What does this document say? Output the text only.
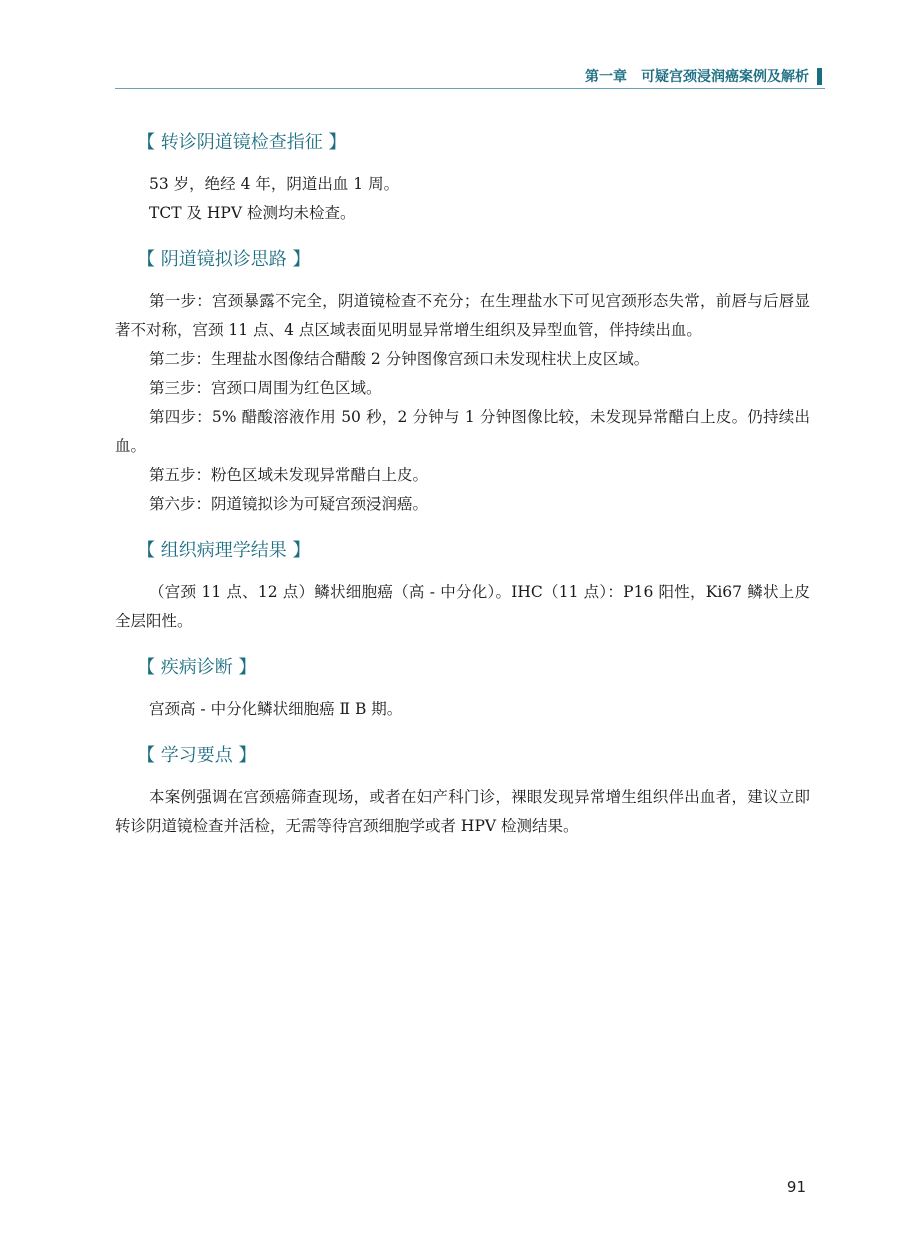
第一章　可疑宫颈浸润癌案例及解析
【 转诊阴道镜检查指征 】

53 岁，绝经 4 年，阴道出血 1 周。

TCT 及 HPV 检测均未检查。

【 阴道镜拟诊思路 】

第一步：宫颈暴露不完全，阴道镜检查不充分；在生理盐水下可见宫颈形态失常，前唇与后唇显著不对称，宫颈 11 点、4 点区域表面见明显异常增生组织及异型血管，伴持续出血。

第二步：生理盐水图像结合醋酸 2 分钟图像宫颈口未发现柱状上皮区域。

第三步：宫颈口周围为红色区域。

第四步：5% 醋酸溶液作用 50 秒，2 分钟与 1 分钟图像比较，未发现异常醋白上皮。仍持续出血。

第五步：粉色区域未发现异常醋白上皮。

第六步：阴道镜拟诊为可疑宫颈浸润癌。

【 组织病理学结果 】

（宫颈 11 点、12 点）鳞状细胞癌（高 - 中分化）。IHC（11 点）：P16 阳性，Ki67 鳞状上皮全层阳性。

【 疾病诊断 】

宫颈高 - 中分化鳞状细胞癌 Ⅱ B 期。

【 学习要点 】

本案例强调在宫颈癌筛查现场，或者在妇产科门诊，裸眼发现异常增生组织伴出血者，建议立即转诊阴道镜检查并活检，无需等待宫颈细胞学或者 HPV 检测结果。

91
